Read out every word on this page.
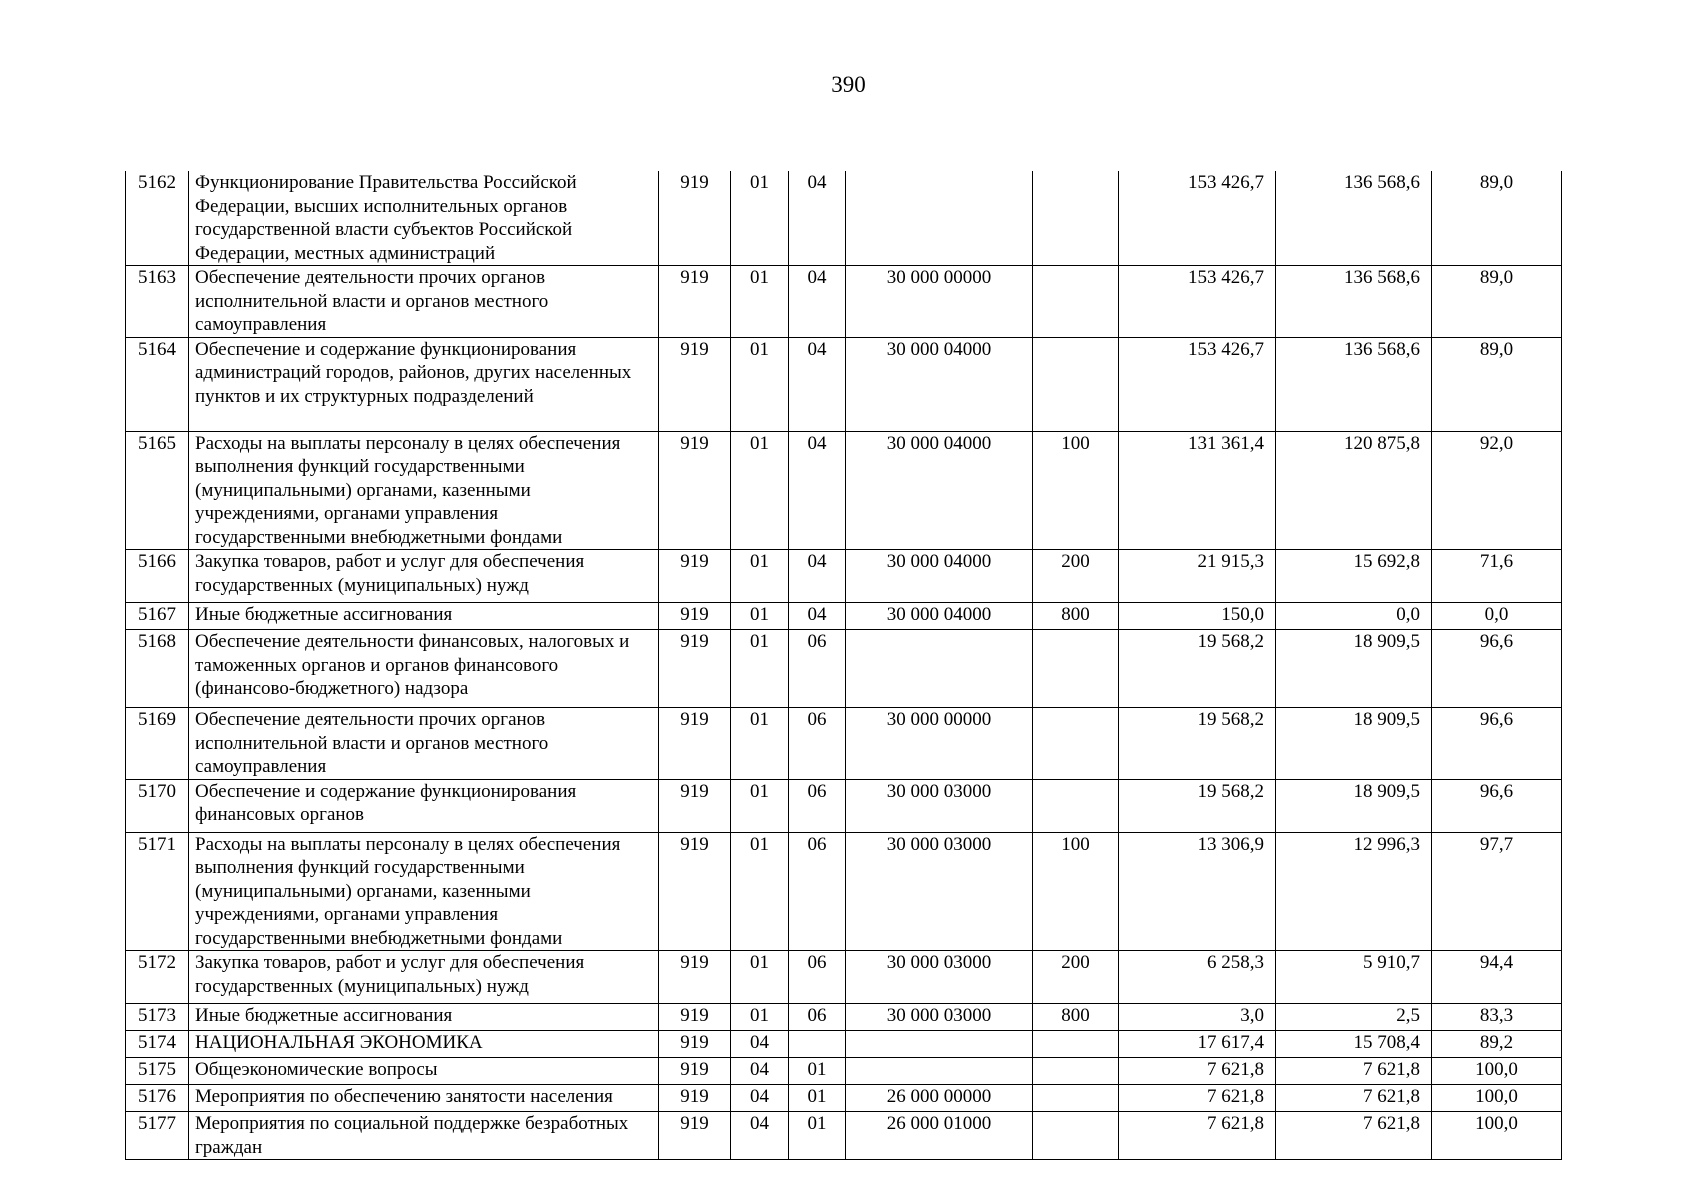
390
5162	Функционирование Правительства Российской Федерации, высших исполнительных органов государственной власти субъектов Российской Федерации, местных администраций	919	01	04			153 426,7	136 568,6	89,0
5163	Обеспечение деятельности прочих органов исполнительной власти и органов местного самоуправления	919	01	04	30 000 00000		153 426,7	136 568,6	89,0
5164	Обеспечение и содержание функционирования администраций городов, районов, других населенных пунктов и их структурных подразделений	919	01	04	30 000 04000		153 426,7	136 568,6	89,0
5165	Расходы на выплаты персоналу в целях обеспечения выполнения функций государственными (муниципальными) органами, казенными учреждениями, органами управления государственными внебюджетными фондами	919	01	04	30 000 04000	100	131 361,4	120 875,8	92,0
5166	Закупка товаров, работ и услуг для обеспечения государственных (муниципальных) нужд	919	01	04	30 000 04000	200	21 915,3	15 692,8	71,6
5167	Иные бюджетные ассигнования	919	01	04	30 000 04000	800	150,0	0,0	0,0
5168	Обеспечение деятельности финансовых, налоговых и таможенных органов и органов финансового (финансово-бюджетного) надзора	919	01	06			19 568,2	18 909,5	96,6
5169	Обеспечение деятельности прочих органов исполнительной власти и органов местного самоуправления	919	01	06	30 000 00000		19 568,2	18 909,5	96,6
5170	Обеспечение и содержание функционирования финансовых органов	919	01	06	30 000 03000		19 568,2	18 909,5	96,6
5171	Расходы на выплаты персоналу в целях обеспечения выполнения функций государственными (муниципальными) органами, казенными учреждениями, органами управления государственными внебюджетными фондами	919	01	06	30 000 03000	100	13 306,9	12 996,3	97,7
5172	Закупка товаров, работ и услуг для обеспечения государственных (муниципальных) нужд	919	01	06	30 000 03000	200	6 258,3	5 910,7	94,4
5173	Иные бюджетные ассигнования	919	01	06	30 000 03000	800	3,0	2,5	83,3
5174	НАЦИОНАЛЬНАЯ ЭКОНОМИКА	919	04				17 617,4	15 708,4	89,2
5175	Общеэкономические вопросы	919	04	01			7 621,8	7 621,8	100,0
5176	Мероприятия по обеспечению занятости населения	919	04	01	26 000 00000		7 621,8	7 621,8	100,0
5177	Мероприятия по социальной поддержке безработных граждан	919	04	01	26 000 01000		7 621,8	7 621,8	100,0
